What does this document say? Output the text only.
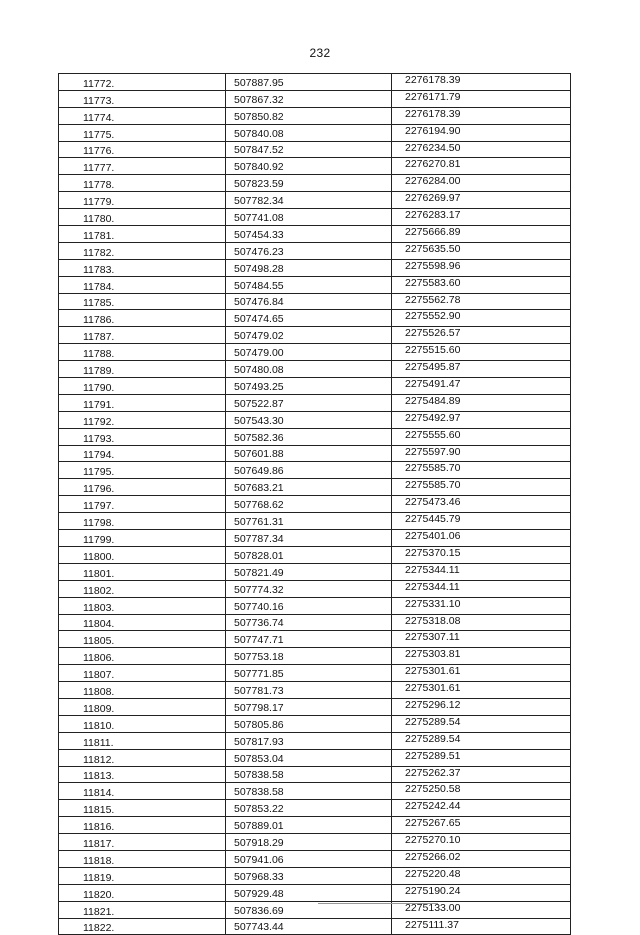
232
11772.	507887.95	2276178.39
11773.	507867.32	2276171.79
11774.	507850.82	2276178.39
11775.	507840.08	2276194.90
11776.	507847.52	2276234.50
11777.	507840.92	2276270.81
11778.	507823.59	2276284.00
11779.	507782.34	2276269.97
11780.	507741.08	2276283.17
11781.	507454.33	2275666.89
11782.	507476.23	2275635.50
11783.	507498.28	2275598.96
11784.	507484.55	2275583.60
11785.	507476.84	2275562.78
11786.	507474.65	2275552.90
11787.	507479.02	2275526.57
11788.	507479.00	2275515.60
11789.	507480.08	2275495.87
11790.	507493.25	2275491.47
11791.	507522.87	2275484.89
11792.	507543.30	2275492.97
11793.	507582.36	2275555.60
11794.	507601.88	2275597.90
11795.	507649.86	2275585.70
11796.	507683.21	2275585.70
11797.	507768.62	2275473.46
11798.	507761.31	2275445.79
11799.	507787.34	2275401.06
11800.	507828.01	2275370.15
11801.	507821.49	2275344.11
11802.	507774.32	2275344.11
11803.	507740.16	2275331.10
11804.	507736.74	2275318.08
11805.	507747.71	2275307.11
11806.	507753.18	2275303.81
11807.	507771.85	2275301.61
11808.	507781.73	2275301.61
11809.	507798.17	2275296.12
11810.	507805.86	2275289.54
11811.	507817.93	2275289.54
11812.	507853.04	2275289.51
11813.	507838.58	2275262.37
11814.	507838.58	2275250.58
11815.	507853.22	2275242.44
11816.	507889.01	2275267.65
11817.	507918.29	2275270.10
11818.	507941.06	2275266.02
11819.	507968.33	2275220.48
11820.	507929.48	2275190.24
11821.	507836.69	2275133.00
11822.	507743.44	2275111.37
